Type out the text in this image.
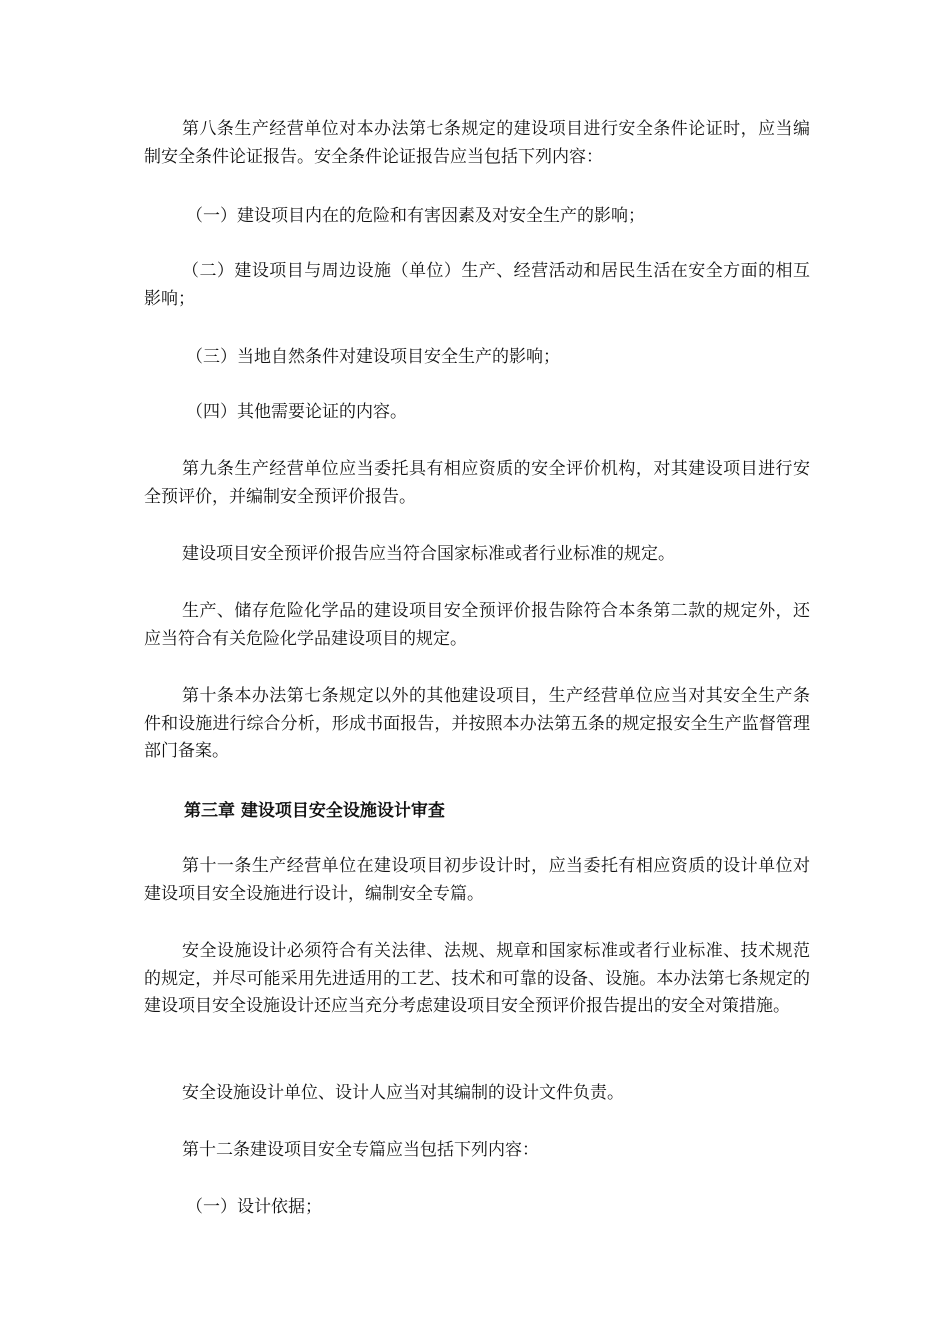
第八条生产经营单位对本办法第七条规定的建设项目进行安全条件论证时，应当编制安全条件论证报告。安全条件论证报告应当包括下列内容：

（一）建设项目内在的危险和有害因素及对安全生产的影响；

（二）建设项目与周边设施（单位）生产、经营活动和居民生活在安全方面的相互影响；

（三）当地自然条件对建设项目安全生产的影响；

（四）其他需要论证的内容。

第九条生产经营单位应当委托具有相应资质的安全评价机构，对其建设项目进行安全预评价，并编制安全预评价报告。

建设项目安全预评价报告应当符合国家标准或者行业标准的规定。

生产、储存危险化学品的建设项目安全预评价报告除符合本条第二款的规定外，还应当符合有关危险化学品建设项目的规定。

第十条本办法第七条规定以外的其他建设项目，生产经营单位应当对其安全生产条件和设施进行综合分析，形成书面报告，并按照本办法第五条的规定报安全生产监督管理部门备案。

第三章 建设项目安全设施设计审查

第十一条生产经营单位在建设项目初步设计时，应当委托有相应资质的设计单位对建设项目安全设施进行设计，编制安全专篇。

安全设施设计必须符合有关法律、法规、规章和国家标准或者行业标准、技术规范的规定，并尽可能采用先进适用的工艺、技术和可靠的设备、设施。本办法第七条规定的建设项目安全设施设计还应当充分考虑建设项目安全预评价报告提出的安全对策措施。

安全设施设计单位、设计人应当对其编制的设计文件负责。

第十二条建设项目安全专篇应当包括下列内容：

（一）设计依据；
